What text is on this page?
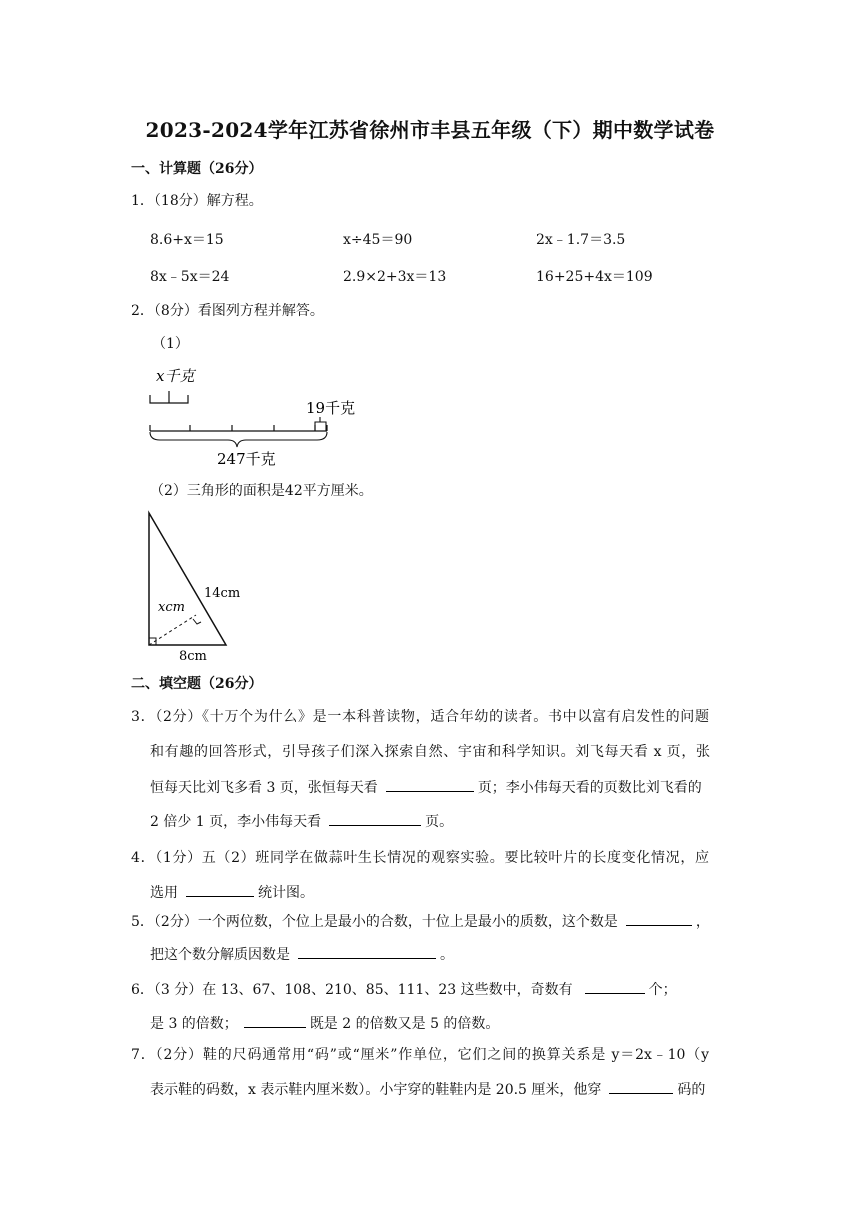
2023-2024学年江苏省徐州市丰县五年级（下）期中数学试卷
一、计算题（26分）
1．（18分）解方程。
8.6+x＝15	x÷45＝90	2x﹣1.7＝3.5
8x﹣5x＝24	2.9×2+3x＝13	16+25+4x＝109
2．（8分）看图列方程并解答。
（1）
x千克
19千克
247千克
（2）三角形的面积是42平方厘米。
xcm
14cm
8cm
二、填空题（26分）
3．（2分）《十万个为什么》是一本科普读物，适合年幼的读者。书中以富有启发性的问题
和有趣的回答形式，引导孩子们深入探索自然、宇宙和科学知识。刘飞每天看 x 页，张
恒每天比刘飞多看 3 页，张恒每天看	页；李小伟每天看的页数比刘飞看的
2 倍少 1 页，李小伟每天看	页。
4．（1分）五（2）班同学在做蒜叶生长情况的观察实验。要比较叶片的长度变化情况，应
选用	统计图。
5．（2分）一个两位数，个位上是最小的合数，十位上是最小的质数，这个数是	，
把这个数分解质因数是	。
6．（3 分）在 13、67、108、210、85、111、23 这些数中，奇数有	个；
是 3 的倍数；	既是 2 的倍数又是 5 的倍数。
7．（2分）鞋的尺码通常用“码”或“厘米”作单位，它们之间的换算关系是 y＝2x﹣10（y
表示鞋的码数，x 表示鞋内厘米数）。小宇穿的鞋鞋内是 20.5 厘米，他穿	码的
